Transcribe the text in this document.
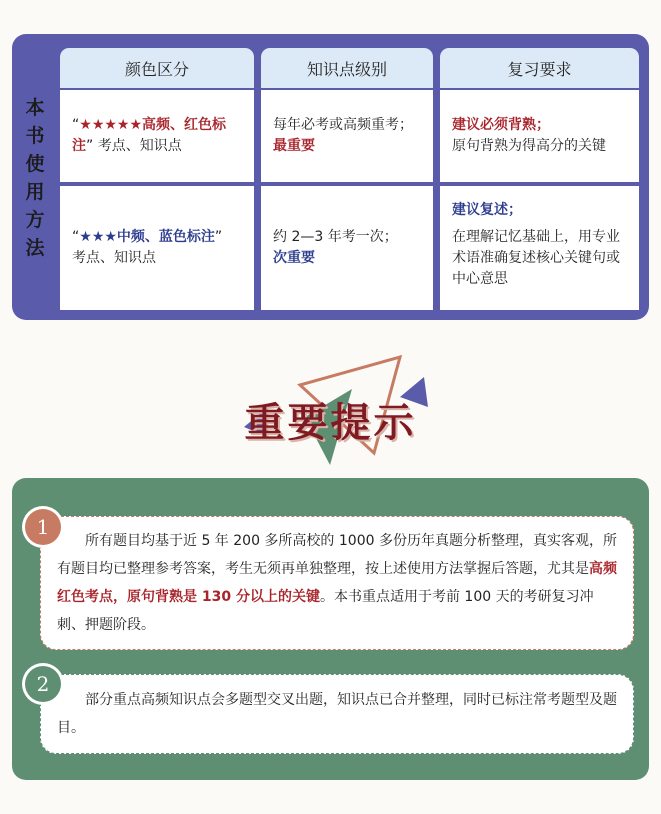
本
书
使
用
方
法
颜色区分	知识点级别	复习要求
“★★★★★高频、红色标注” 考点、知识点
每年必考或高频重考；
最重要
建议必须背熟；
原句背熟为得高分的关键
“★★★中频、蓝色标注”
考点、知识点
约 2—3 年考一次；
次重要
建议复述；
在理解记忆基础上，用专业术语准确复述核心关键句或中心意思
重要提示

所有题目均基于近 5 年 200 多所高校的 1000 多份历年真题分析整理，真实客观，所有题目均已整理参考答案，考生无须再单独整理，按上述使用方法掌握后答题，尤其是高频红色考点，原句背熟是 130 分以上的关键。本书重点适用于考前 100 天的考研复习冲刺、押题阶段。

1

部分重点高频知识点会多题型交叉出题，知识点已合并整理，同时已标注常考题型及题目。

2
